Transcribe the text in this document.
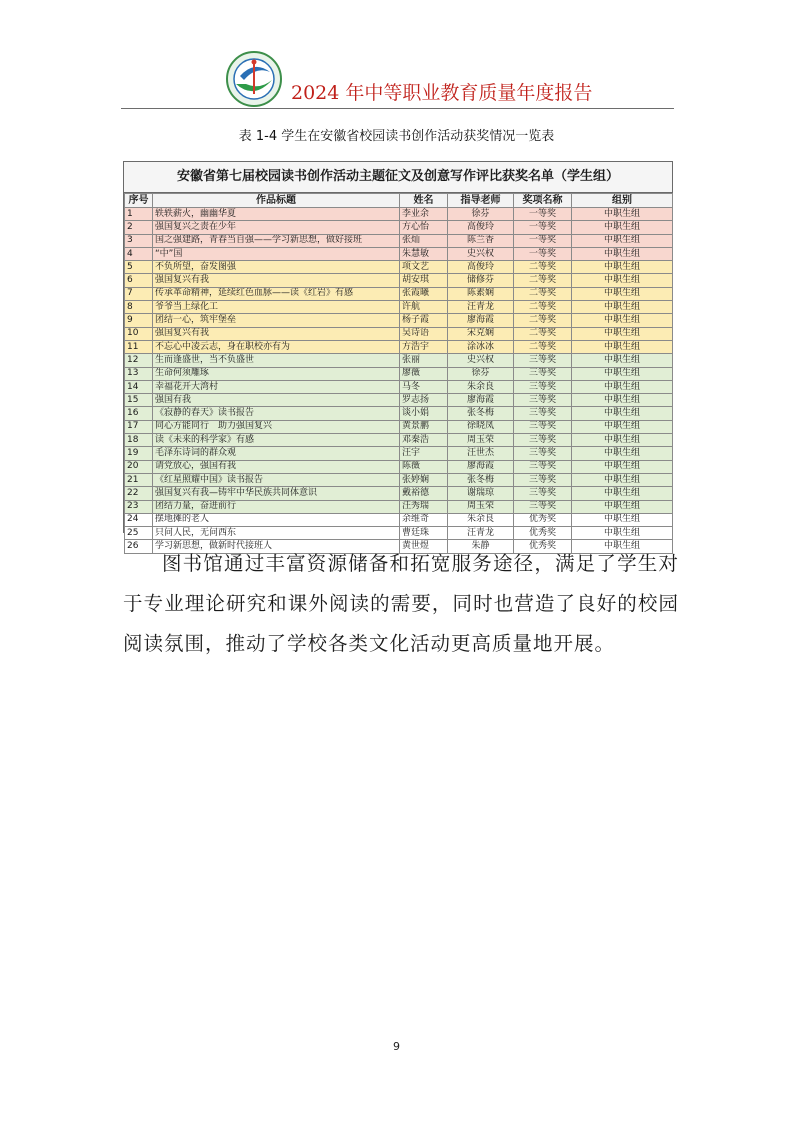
2024 年中等职业教育质量年度报告
表 1-4 学生在安徽省校园读书创作活动获奖情况一览表
安徽省第七届校园读书创作活动主题征文及创意写作评比获奖名单（学生组）
序号	作品标题	姓名	指导老师	奖项名称	组别
1	轶轶薪火，幽幽华夏	李业余	徐芬	一等奖	中职生组
2	强国复兴之责在少年	方心怡	高俊玲	一等奖	中职生组
3	国之强建路，青春当自强——学习新思想，做好接班	张灿	陈兰香	一等奖	中职生组
4	“中”国	朱慧敏	史兴权	一等奖	中职生组
5	不负所望，奋发图强	项文艺	高俊玲	二等奖	中职生组
6	强国复兴有我	胡安琪	储修芬	二等奖	中职生组
7	传承革命精神，延续红色血脉——读《红岩》有感	张霞曦	陈素娴	二等奖	中职生组
8	爷爷当上绿化工	许航	汪青龙	二等奖	中职生组
9	团结一心，筑牢堡垒	杨子霞	廖海霞	二等奖	中职生组
10	强国复兴有我	吴诗语	宋克娴	二等奖	中职生组
11	不忘心中凌云志，身在职校亦有为	方浩宇	涂冰冰	二等奖	中职生组
12	生而逢盛世，当不负盛世	张丽	史兴权	三等奖	中职生组
13	生命何须雕琢	廖薇	徐芬	三等奖	中职生组
14	幸福花开大湾村	马冬	朱余良	三等奖	中职生组
15	强国有我	罗志扬	廖海霞	三等奖	中职生组
16	《寂静的春天》读书报告	谈小娟	张冬梅	三等奖	中职生组
17	同心方能同行　助力强国复兴	黄景鹏	徐晓凤	三等奖	中职生组
18	读《未来的科学家》有感	邓秦浩	周玉荣	三等奖	中职生组
19	毛泽东诗词的群众观	汪宇	汪世杰	三等奖	中职生组
20	请党放心，强国有我	陈薇	廖海霞	三等奖	中职生组
21	《红星照耀中国》读书报告	张婷娴	张冬梅	三等奖	中职生组
22	强国复兴有我—铸牢中华民族共同体意识	戴裕德	谢瑞琼	三等奖	中职生组
23	团结力量，奋进前行	汪秀瑞	周玉荣	三等奖	中职生组
24	摆地摊的老人	余维奇	朱余良	优秀奖	中职生组
25	只问人民，无问西东	曹廷珠	汪青龙	优秀奖	中职生组
26	学习新思想，做新时代接班人	黄世煜	朱静	优秀奖	中职生组
图书馆通过丰富资源储备和拓宽服务途径，满足了学生对于专业理论研究和课外阅读的需要，同时也营造了良好的校园阅读氛围，推动了学校各类文化活动更高质量地开展。
9
